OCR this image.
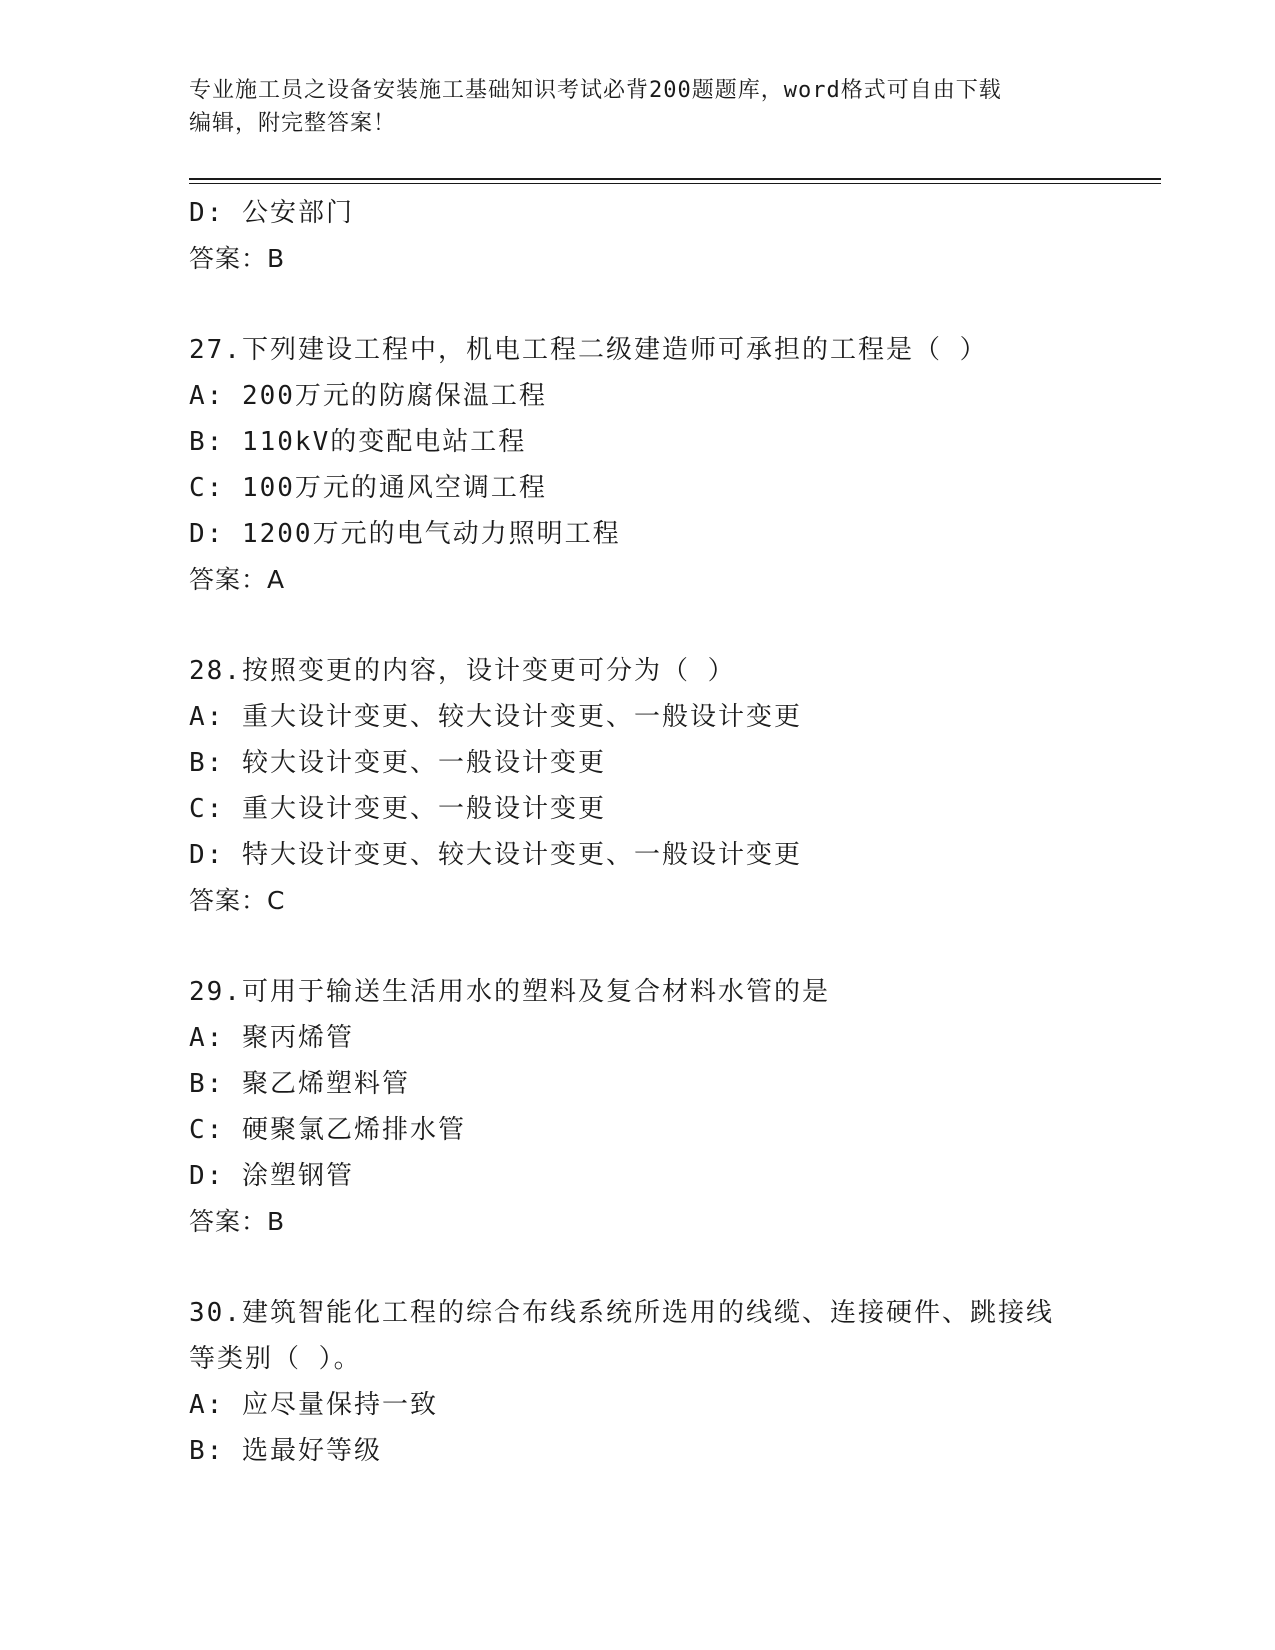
专业施工员之设备安装施工基础知识考试必背200题题库，word格式可自由下载
编辑，附完整答案！
D: 公安部门
答案：B
27.下列建设工程中，机电工程二级建造师可承担的工程是（ ）
A: 200万元的防腐保温工程
B: 110kV的变配电站工程
C: 100万元的通风空调工程
D: 1200万元的电气动力照明工程
答案：A
28.按照变更的内容，设计变更可分为（ ）
A: 重大设计变更、较大设计变更、一般设计变更
B: 较大设计变更、一般设计变更
C: 重大设计变更、一般设计变更
D: 特大设计变更、较大设计变更、一般设计变更
答案：C
29.可用于输送生活用水的塑料及复合材料水管的是
A: 聚丙烯管
B: 聚乙烯塑料管
C: 硬聚氯乙烯排水管
D: 涂塑钢管
答案：B
30.建筑智能化工程的综合布线系统所选用的线缆、连接硬件、跳接线
等类别（ ）。
A: 应尽量保持一致
B: 选最好等级
